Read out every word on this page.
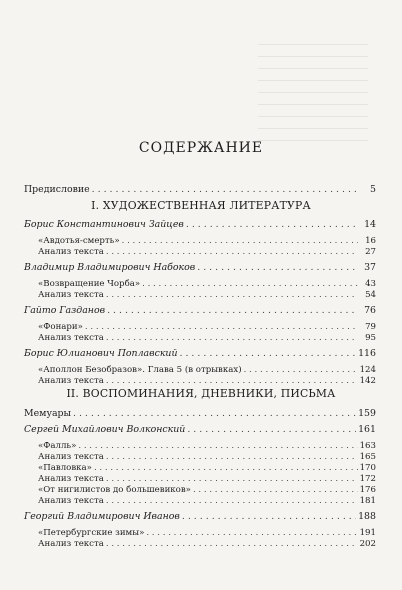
СОДЕРЖАНИЕ
Предисловие . . .	5
I. ХУДОЖЕСТВЕННАЯ ЛИТЕРАТУРА
Борис Константинович Зайцев . . .	14
«Авдотья-смерть» . . .	16
Анализ текста . . .	27
Владимир Владимирович Набоков . . .	37
«Возвращение Чорба» . . .	43
Анализ текста . . .	54
Гайто Газданов . . .	76
«Фонари» . . .	79
Анализ текста . . .	95
Борис Юлианович Поплавский . . .	116
«Аполлон Безобразов». Глава 5 (в отрывках) . . .	124
Анализ текста . . .	142
II. ВОСПОМИНАНИЯ, ДНЕВНИКИ, ПИСЬМА
Мемуары . . .	159
Сергей Михайлович Волконский . . .	161
«Фалль» . . .	163
Анализ текста . . .	165
«Павловка» . . .	170
Анализ текста . . .	172
«От нигилистов до большевиков» . . .	176
Анализ текста . . .	181
Георгий Владимирович Иванов . . .	188
«Петербургские зимы» . . .	191
Анализ текста . . .	202
